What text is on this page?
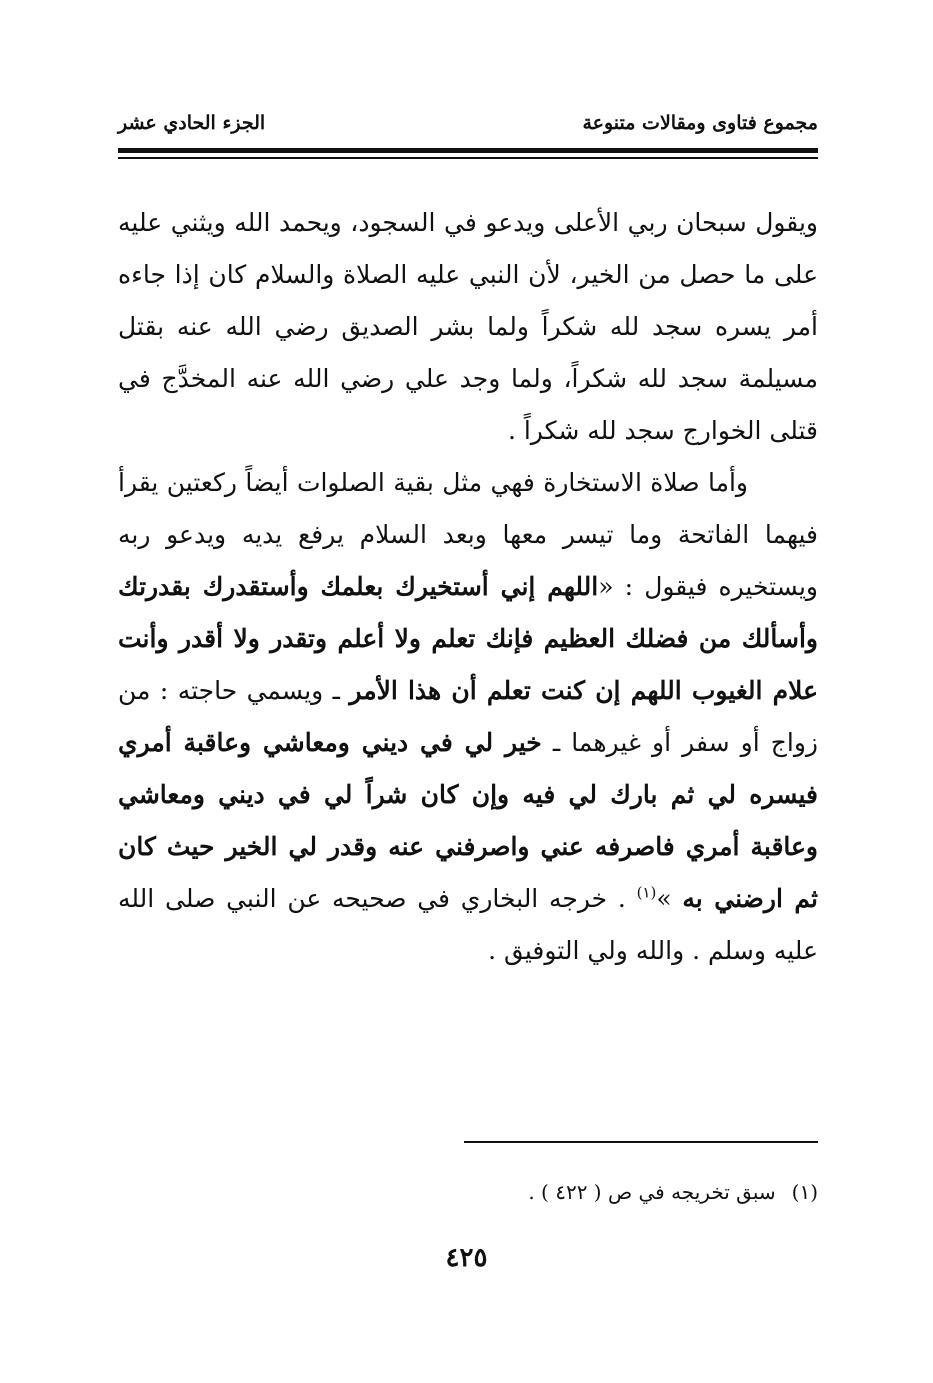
مجموع فتاوى ومقالات متنوعة
الجزء الحادي عشر

ويقول سبحان ربي الأعلى ويدعو في السجود، ويحمد الله ويثني عليه على ما حصل من الخير، لأن النبي عليه الصلاة والسلام كان إذا جاءه أمر يسره سجد لله شكراً ولما بشر الصديق رضي الله عنه بقتل مسيلمة سجد لله شكراً، ولما وجد علي رضي الله عنه المخدَّج في قتلى الخوارج سجد لله شكراً .

وأما صلاة الاستخارة فهي مثل بقية الصلوات أيضاً ركعتين يقرأ فيهما الفاتحة وما تيسر معها وبعد السلام يرفع يديه ويدعو ربه ويستخيره فيقول : «اللهم إني أستخيرك بعلمك وأستقدرك بقدرتك وأسألك من فضلك العظيم فإنك تعلم ولا أعلم وتقدر ولا أقدر وأنت علام الغيوب اللهم إن كنت تعلم أن هذا الأمر ـ ويسمي حاجته : من زواج أو سفر أو غيرهما ـ خير لي في ديني ومعاشي وعاقبة أمري فيسره لي ثم بارك لي فيه وإن كان شراً لي في ديني ومعاشي وعاقبة أمري فاصرفه عني واصرفني عنه وقدر لي الخير حيث كان ثم ارضني به »$^{(١)}$ . خرجه البخاري في صحيحه عن النبي صلى الله عليه وسلم . والله ولي التوفيق .

(١)سبق تخريجه في ص ( ٤٢٢ ) .
٤٢٥
